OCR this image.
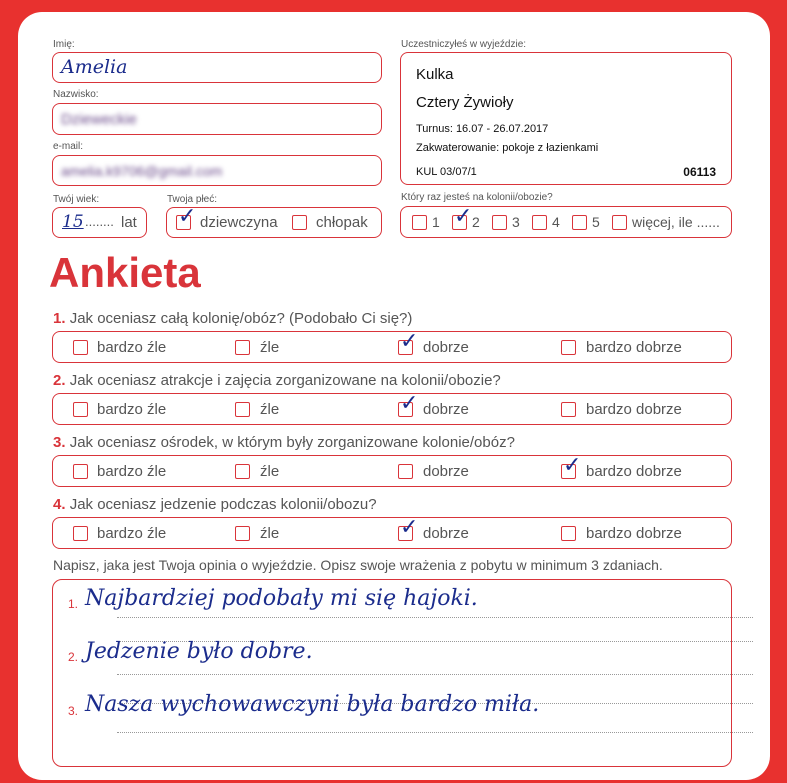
Imię:
Amelia
Nazwisko:
Dzieweckie
e-mail:
amelia.k9706@gmail.com
Twój wiek:
15 ........ lat
Twoja płeć:
✓ dziewczyna	chłopak
Uczestniczyłeś w wyjeździe:
Kulka
Cztery Żywioły
Turnus: 16.07 - 26.07.2017
Zakwaterowanie: pokoje z łazienkami
KUL 03/07/1	06113
Który raz jesteś na kolonii/obozie?
1 ✓ 2 3 4 5 więcej, ile ......
Ankieta
1. Jak oceniasz całą kolonię/obóz? (Podobało Ci się?)
bardzo źle	źle	✓ dobrze	bardzo dobrze
2. Jak oceniasz atrakcje i zajęcia zorganizowane na kolonii/obozie?
bardzo źle	źle	✓ dobrze	bardzo dobrze
3. Jak oceniasz ośrodek, w którym były zorganizowane kolonie/obóz?
bardzo źle	źle	dobrze	✓ bardzo dobrze
4. Jak oceniasz jedzenie podczas kolonii/obozu?
bardzo źle	źle	✓ dobrze	bardzo dobrze
Napisz, jaka jest Twoja opinia o wyjeździe. Opisz swoje wrażenia z pobytu w minimum 3 zdaniach.
1. Najbardziej podobały mi się hajoki.
2. Jedzenie było dobre.
3. Nasza wychowawczyni była bardzo miła.
